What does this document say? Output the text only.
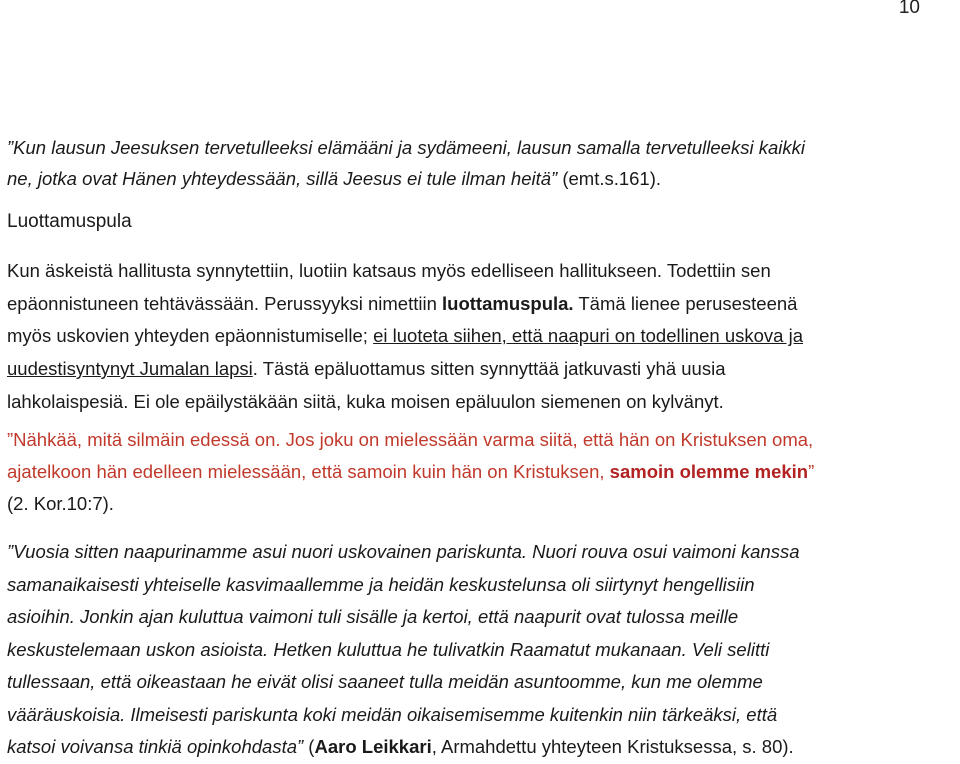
10

”Kun lausun Jeesuksen tervetulleeksi elämääni ja sydämeeni, lausun samalla tervetulleeksi kaikki
ne, jotka ovat Hänen yhteydessään, sillä Jeesus ei tule ilman heitä” (emt.s.161).

Luottamuspula

Kun äskeistä hallitusta synnytettiin, luotiin katsaus myös edelliseen hallitukseen. Todettiin sen
epäonnistuneen tehtävässään. Perussyyksi nimettiin luottamuspula. Tämä lienee perusesteenä
myös uskovien yhteyden epäonnistumiselle; ei luoteta siihen, että naapuri on todellinen uskova ja
uudestisyntynyt Jumalan lapsi. Tästä epäluottamus sitten synnyttää jatkuvasti yhä uusia
lahkolaispesiä. Ei ole epäilystäkään siitä, kuka moisen epäluulon siemenen on kylvänyt.

”Nähkää, mitä silmäin edessä on. Jos joku on mielessään varma siitä, että hän on Kristuksen oma,
ajatelkoon hän edelleen mielessään, että samoin kuin hän on Kristuksen, samoin olemme mekin”
(2. Kor.10:7).

”Vuosia sitten naapurinamme asui nuori uskovainen pariskunta. Nuori rouva osui vaimoni kanssa
samanaikaisesti yhteiselle kasvimaallemme ja heidän keskustelunsa oli siirtynyt hengellisiin
asioihin. Jonkin ajan kuluttua vaimoni tuli sisälle ja kertoi, että naapurit ovat tulossa meille
keskustelemaan uskon asioista. Hetken kuluttua he tulivatkin Raamatut mukanaan. Veli selitti
tullessaan, että oikeastaan he eivät olisi saaneet tulla meidän asuntoomme, kun me olemme
vääräuskoisia. Ilmeisesti pariskunta koki meidän oikaisemisemme kuitenkin niin tärkeäksi, että
katsoi voivansa tinkiä opinkohdasta” (Aaro Leikkari, Armahdettu yhteyteen Kristuksessa, s. 80).
